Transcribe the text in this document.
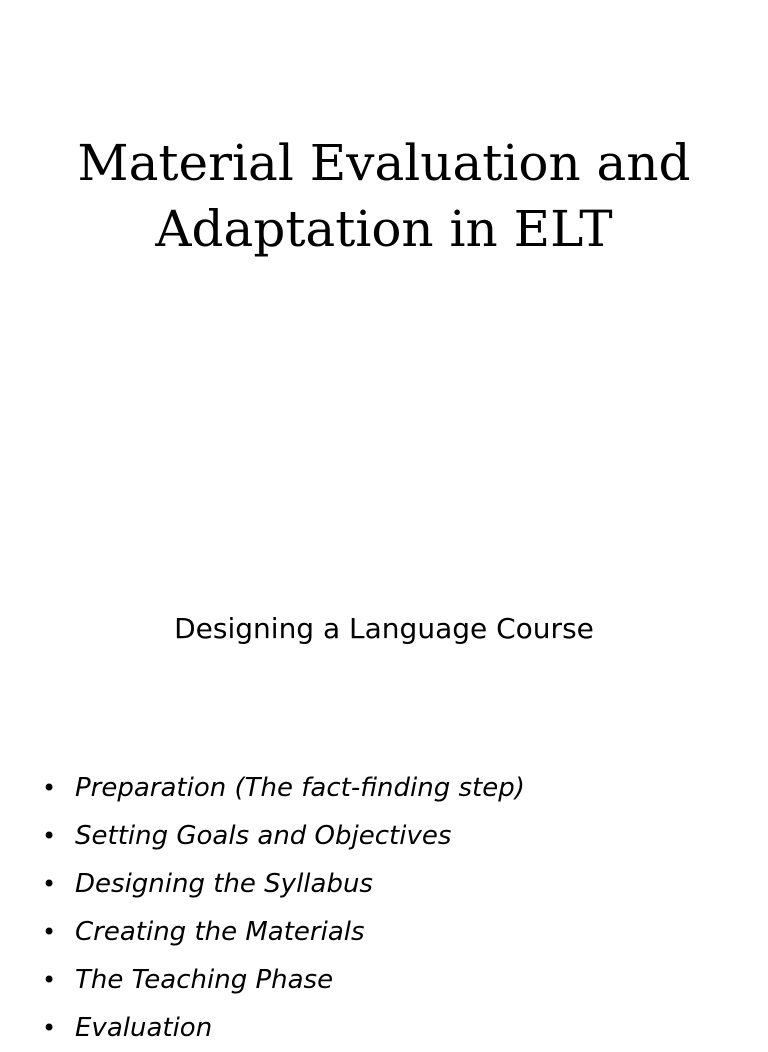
Material Evaluation and
Adaptation in ELT
Designing a Language Course
• Preparation (The fact-finding step)
• Setting Goals and Objectives
• Designing the Syllabus
• Creating the Materials
• The Teaching Phase
• Evaluation
